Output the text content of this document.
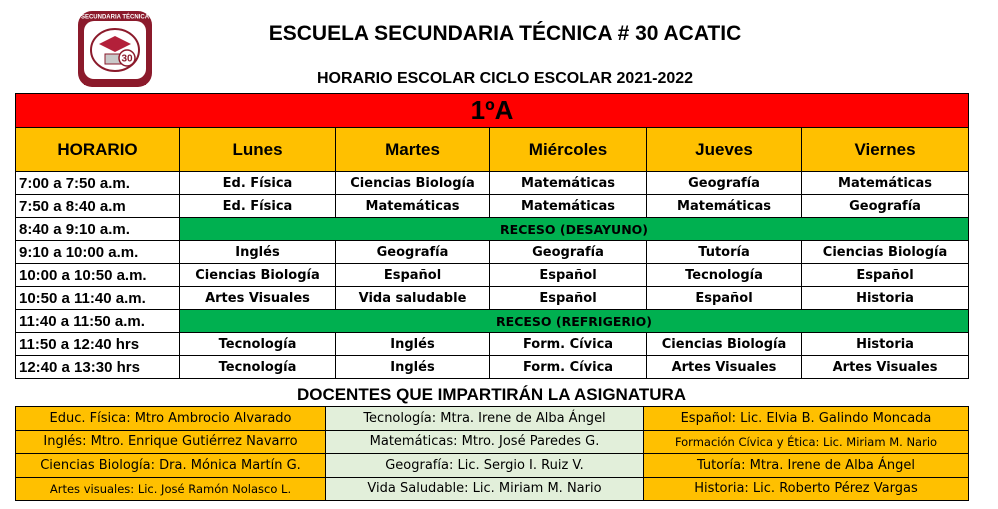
SECUNDARIA TÉCNICA
30
ESCUELA SECUNDARIA TÉCNICA # 30 ACATIC
HORARIO ESCOLAR CICLO ESCOLAR 2021-2022
1ºA					
HORARIO	Lunes	Martes	Miércoles	Jueves	Viernes
7:00 a 7:50 a.m.	Ed. Física	Ciencias Biología	Matemáticas	Geografía	Matemáticas
7:50 a 8:40 a.m	Ed. Física	Matemáticas	Matemáticas	Matemáticas	Geografía
8:40 a 9:10 a.m.	RECESO (DESAYUNO)				
9:10 a 10:00 a.m.	Inglés	Geografía	Geografía	Tutoría	Ciencias Biología
10:00 a 10:50 a.m.	Ciencias Biología	Español	Español	Tecnología	Español
10:50 a 11:40 a.m.	Artes Visuales	Vida saludable	Español	Español	Historia
11:40 a 11:50 a.m.	RECESO (REFRIGERIO)				
11:50 a 12:40 hrs	Tecnología	Inglés	Form. Cívica	Ciencias Biología	Historia
12:40 a 13:30 hrs	Tecnología	Inglés	Form. Cívica	Artes Visuales	Artes Visuales
DOCENTES QUE IMPARTIRÁN LA ASIGNATURA
Educ. Física: Mtro Ambrocio Alvarado	Tecnología: Mtra. Irene de Alba Ángel	Español: Lic. Elvia B. Galindo Moncada
Inglés: Mtro. Enrique Gutiérrez Navarro	Matemáticas: Mtro. José Paredes G.	Formación Cívica y Ética: Lic. Miriam M. Nario
Ciencias Biología: Dra. Mónica Martín G.	Geografía: Lic. Sergio I. Ruiz V.	Tutoría: Mtra. Irene de Alba Ángel
Artes visuales: Lic. José Ramón Nolasco L.	Vida Saludable: Lic. Miriam M. Nario	Historia: Lic. Roberto Pérez Vargas
